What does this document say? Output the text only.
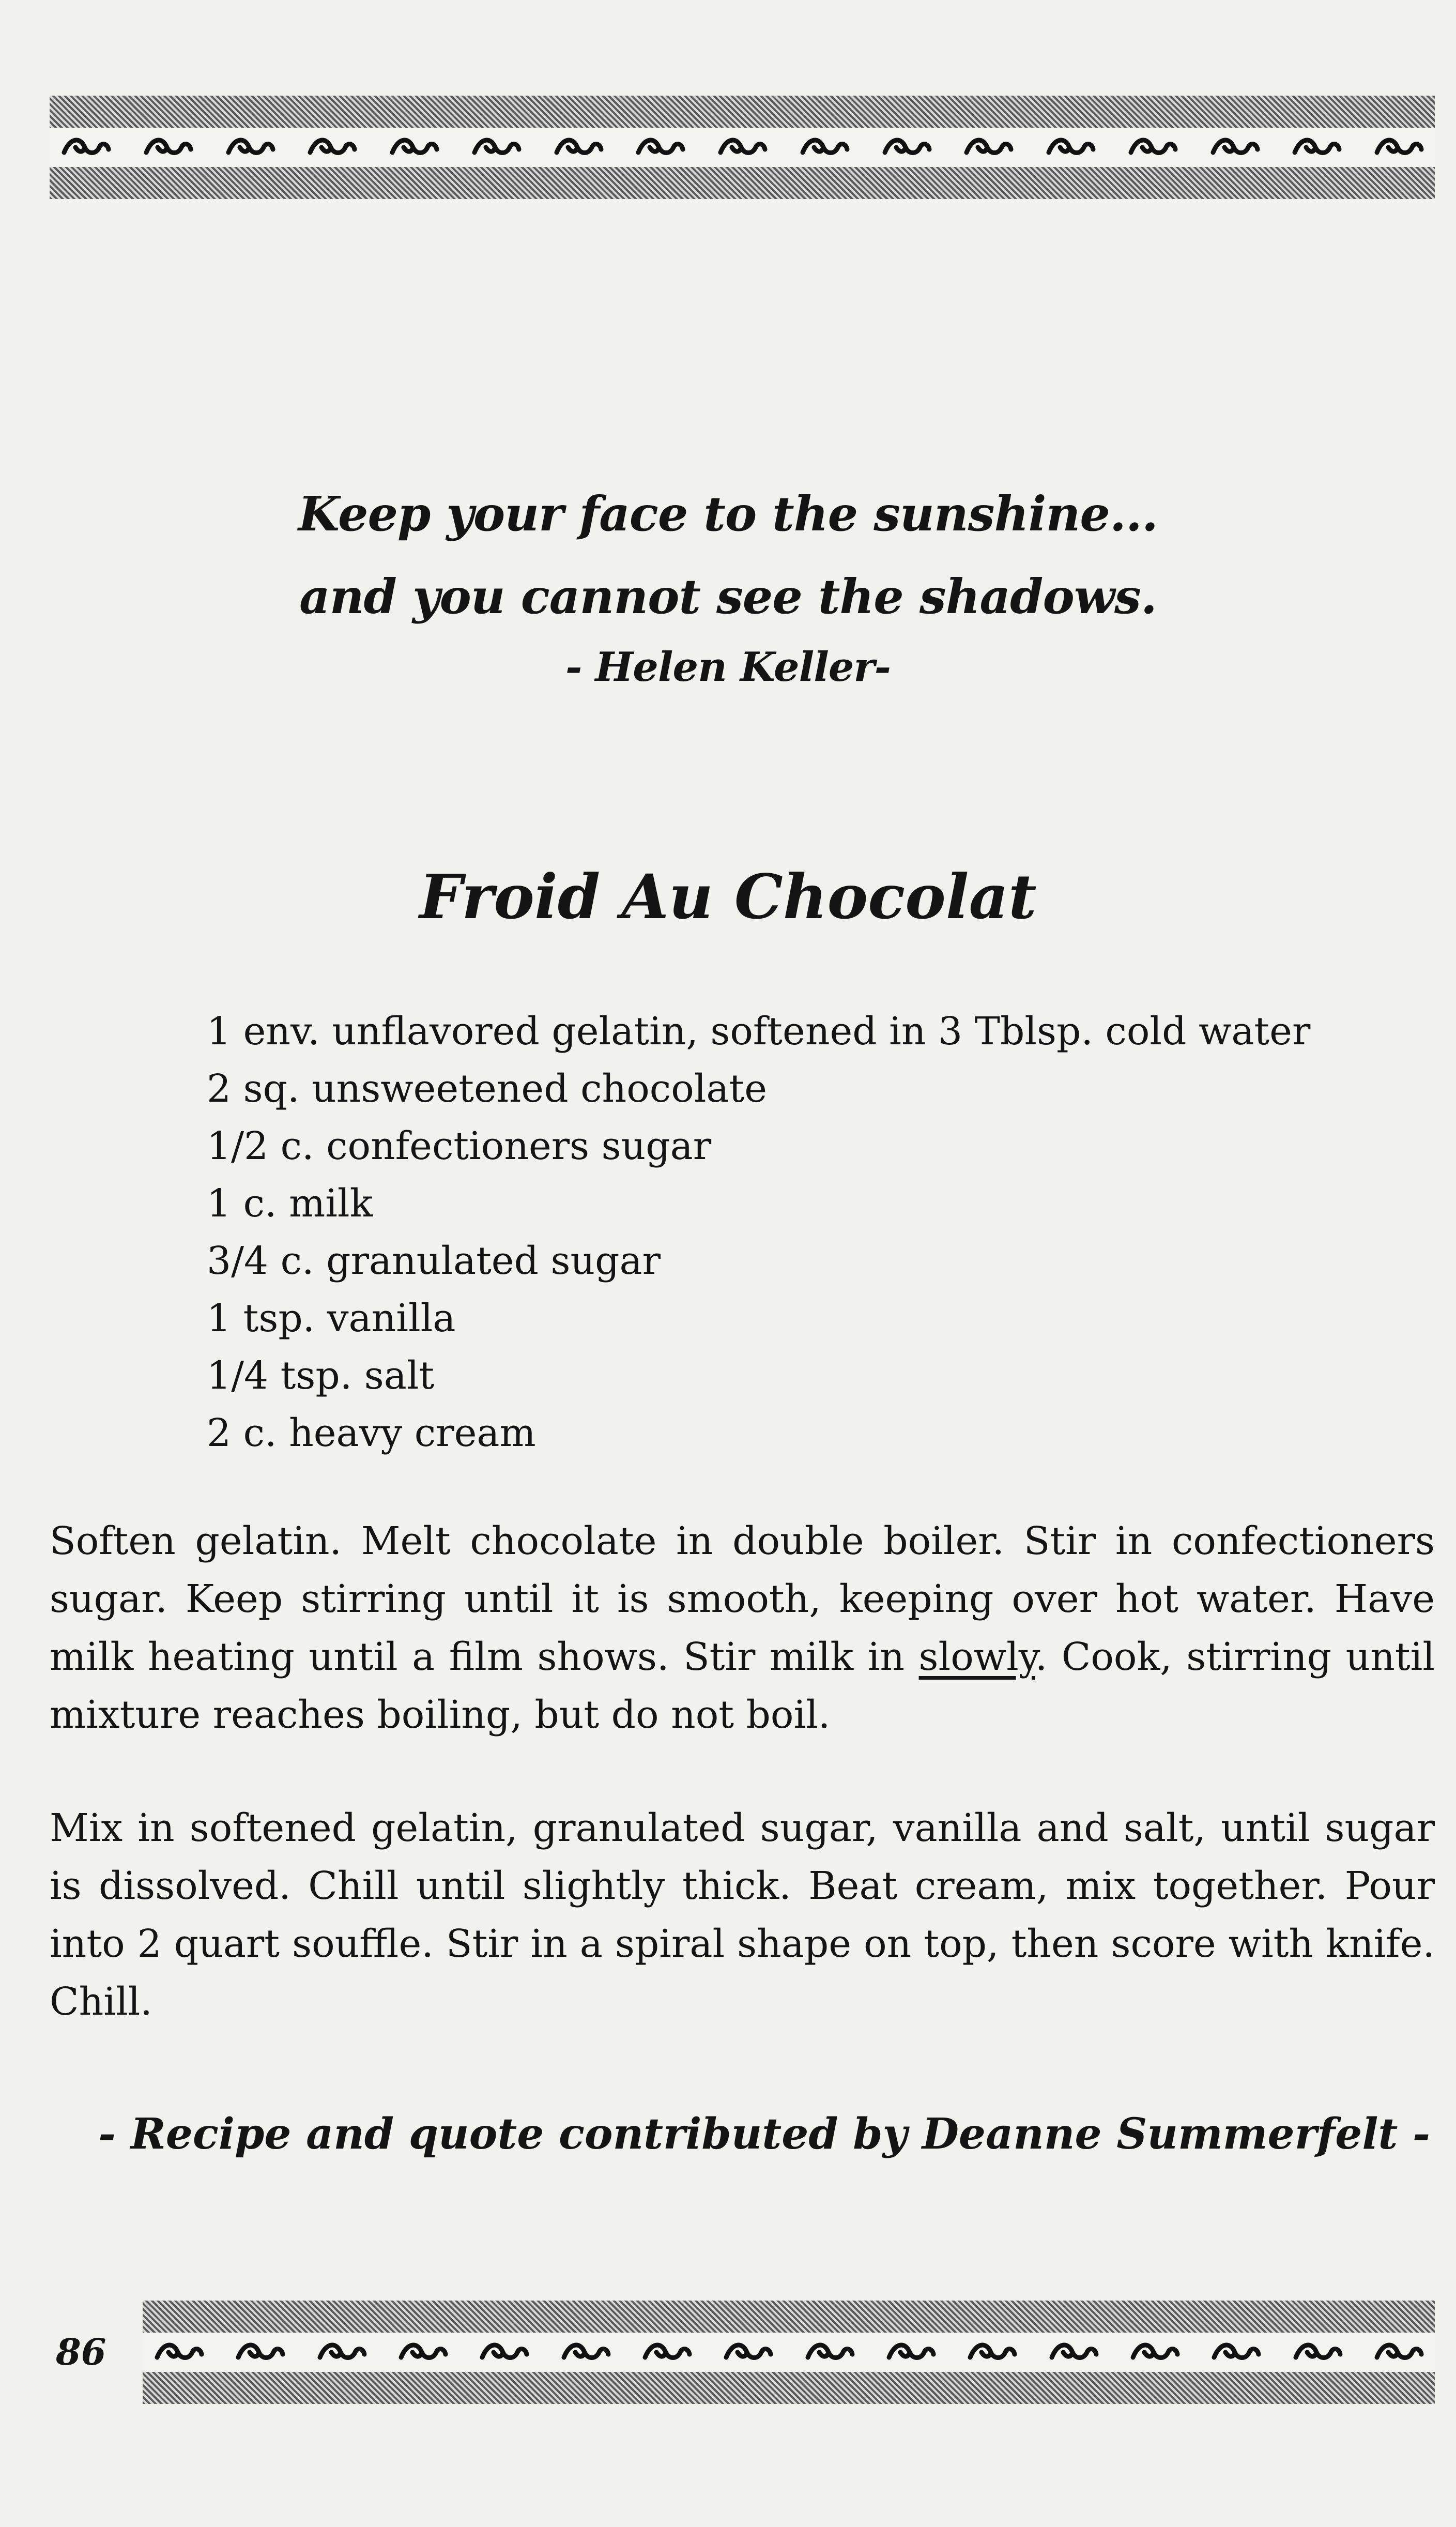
Keep your face to the sunshine...
and you cannot see the shadows.
- Helen Keller-
Froid Au Chocolat
1 env. unflavored gelatin, softened in 3 Tblsp. cold water
2 sq. unsweetened chocolate
1/2 c. confectioners sugar
1 c. milk
3/4 c. granulated sugar
1 tsp. vanilla
1/4 tsp. salt
2 c. heavy cream

Soften gelatin. Melt chocolate in double boiler. Stir in confectioners sugar. Keep stirring until it is smooth, keeping over hot water. Have milk heating until a film shows. Stir milk in slowly. Cook, stirring until mixture reaches boiling, but do not boil.

Mix in softened gelatin, granulated sugar, vanilla and salt, until sugar is dissolved. Chill until slightly thick. Beat cream, mix together. Pour into 2 quart souffle. Stir in a spiral shape on top, then score with knife. Chill.

- Recipe and quote contributed by Deanne Summerfelt -
86
